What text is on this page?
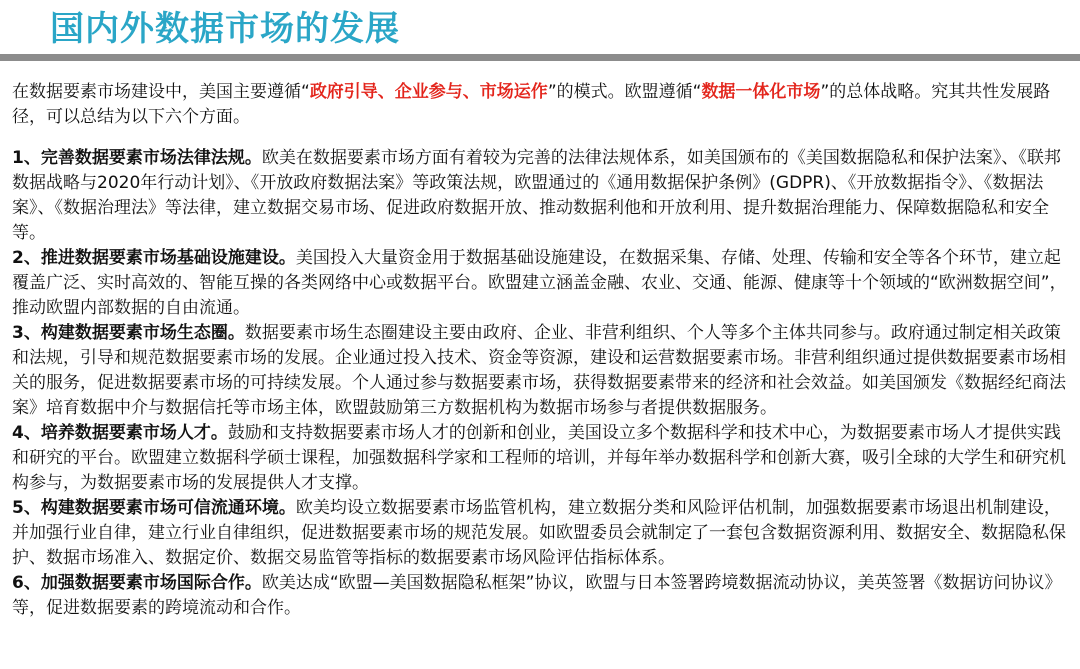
国内外数据市场的发展

在数据要素市场建设中，美国主要遵循“政府引导、企业参与、市场运作”的模式。欧盟遵循“数据一体化市场”的总体战略。究其共性发展路径，可以总结为以下六个方面。

1、完善数据要素市场法律法规。欧美在数据要素市场方面有着较为完善的法律法规体系，如美国颁布的《美国数据隐私和保护法案》、《联邦数据战略与2020年行动计划》、《开放政府数据法案》等政策法规，欧盟通过的《通用数据保护条例》(GDPR)、《开放数据指令》、《数据法案》、《数据治理法》等法律，建立数据交易市场、促进政府数据开放、推动数据利他和开放利用、提升数据治理能力、保障数据隐私和安全等。

2、推进数据要素市场基础设施建设。美国投入大量资金用于数据基础设施建设，在数据采集、存储、处理、传输和安全等各个环节，建立起覆盖广泛、实时高效的、智能互操的各类网络中心或数据平台。欧盟建立涵盖金融、农业、交通、能源、健康等十个领域的“欧洲数据空间”，推动欧盟内部数据的自由流通。

3、构建数据要素市场生态圈。数据要素市场生态圈建设主要由政府、企业、非营利组织、个人等多个主体共同参与。政府通过制定相关政策和法规，引导和规范数据要素市场的发展。企业通过投入技术、资金等资源，建设和运营数据要素市场。非营利组织通过提供数据要素市场相关的服务，促进数据要素市场的可持续发展。个人通过参与数据要素市场，获得数据要素带来的经济和社会效益。如美国颁发《数据经纪商法案》培育数据中介与数据信托等市场主体，欧盟鼓励第三方数据机构为数据市场参与者提供数据服务。

4、培养数据要素市场人才。鼓励和支持数据要素市场人才的创新和创业，美国设立多个数据科学和技术中心，为数据要素市场人才提供实践和研究的平台。欧盟建立数据科学硕士课程，加强数据科学家和工程师的培训，并每年举办数据科学和创新大赛，吸引全球的大学生和研究机构参与，为数据要素市场的发展提供人才支撑。

5、构建数据要素市场可信流通环境。欧美均设立数据要素市场监管机构，建立数据分类和风险评估机制，加强数据要素市场退出机制建设，并加强行业自律，建立行业自律组织，促进数据要素市场的规范发展。如欧盟委员会就制定了一套包含数据资源利用、数据安全、数据隐私保护、数据市场准入、数据定价、数据交易监管等指标的数据要素市场风险评估指标体系。

6、加强数据要素市场国际合作。欧美达成“欧盟—美国数据隐私框架”协议，欧盟与日本签署跨境数据流动协议，美英签署《数据访问协议》等，促进数据要素的跨境流动和合作。
